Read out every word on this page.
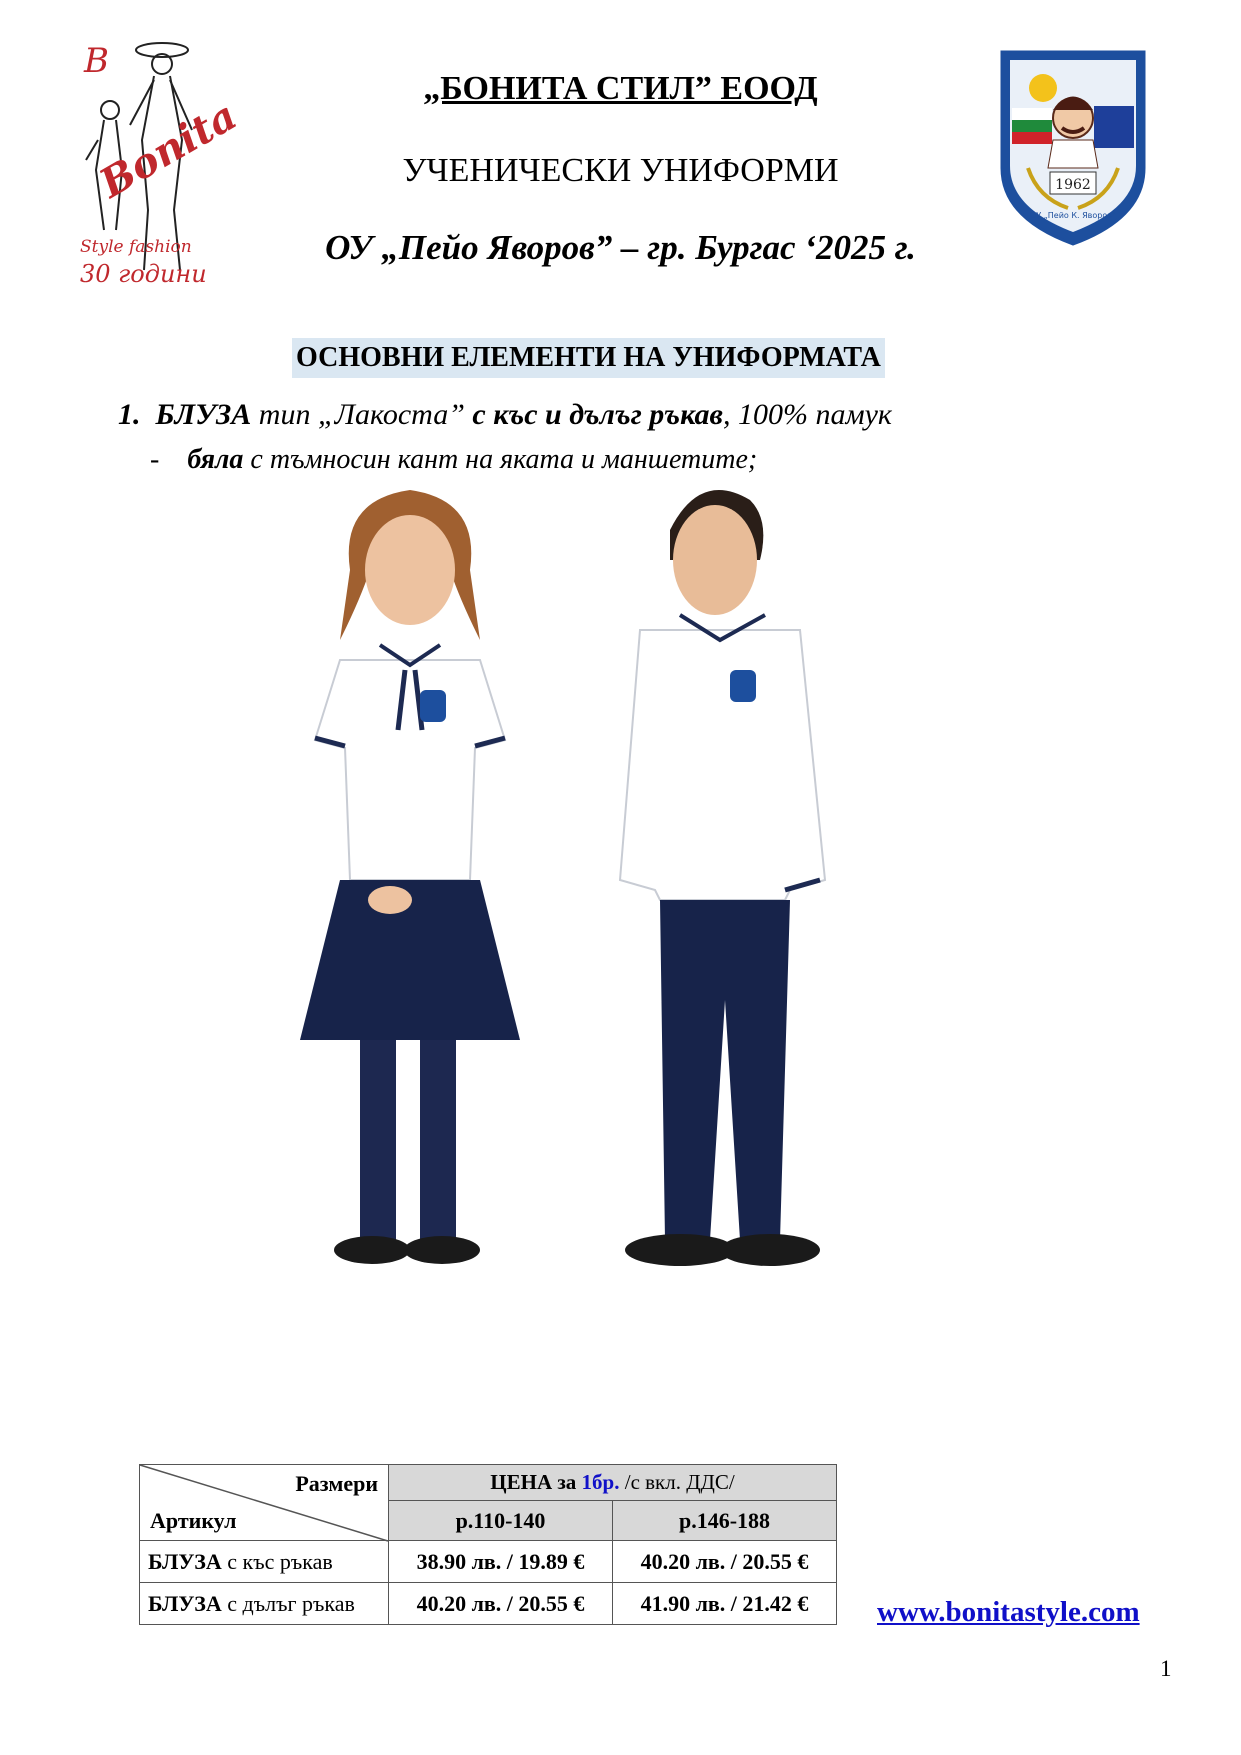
B
Bonita
Style fashion
30 години
1962
ОУ „Пейо К. Яворов”
„БОНИТА СТИЛ” ЕООД
УЧЕНИЧЕСКИ УНИФОРМИ
ОУ „Пейо Яворов” – гр. Бургас ‘2025 г.
ОСНОВНИ ЕЛЕМЕНТИ НА УНИФОРМАТА
1. БЛУЗА тип „Лакоста” с къс и дълъг ръкав, 100% памук
- бяла с тъмносин кант на яката и маншетите;
Размери
Артикул	ЦЕНА за 1бр. /с вкл. ДДС/	
	р.110-140	р.146-188
БЛУЗА с къс ръкав	38.90 лв. / 19.89 €	40.20 лв. / 20.55 €
БЛУЗА с дълъг ръкав	40.20 лв. / 20.55 €	41.90 лв. / 21.42 € www.bonitastyle.com
1
